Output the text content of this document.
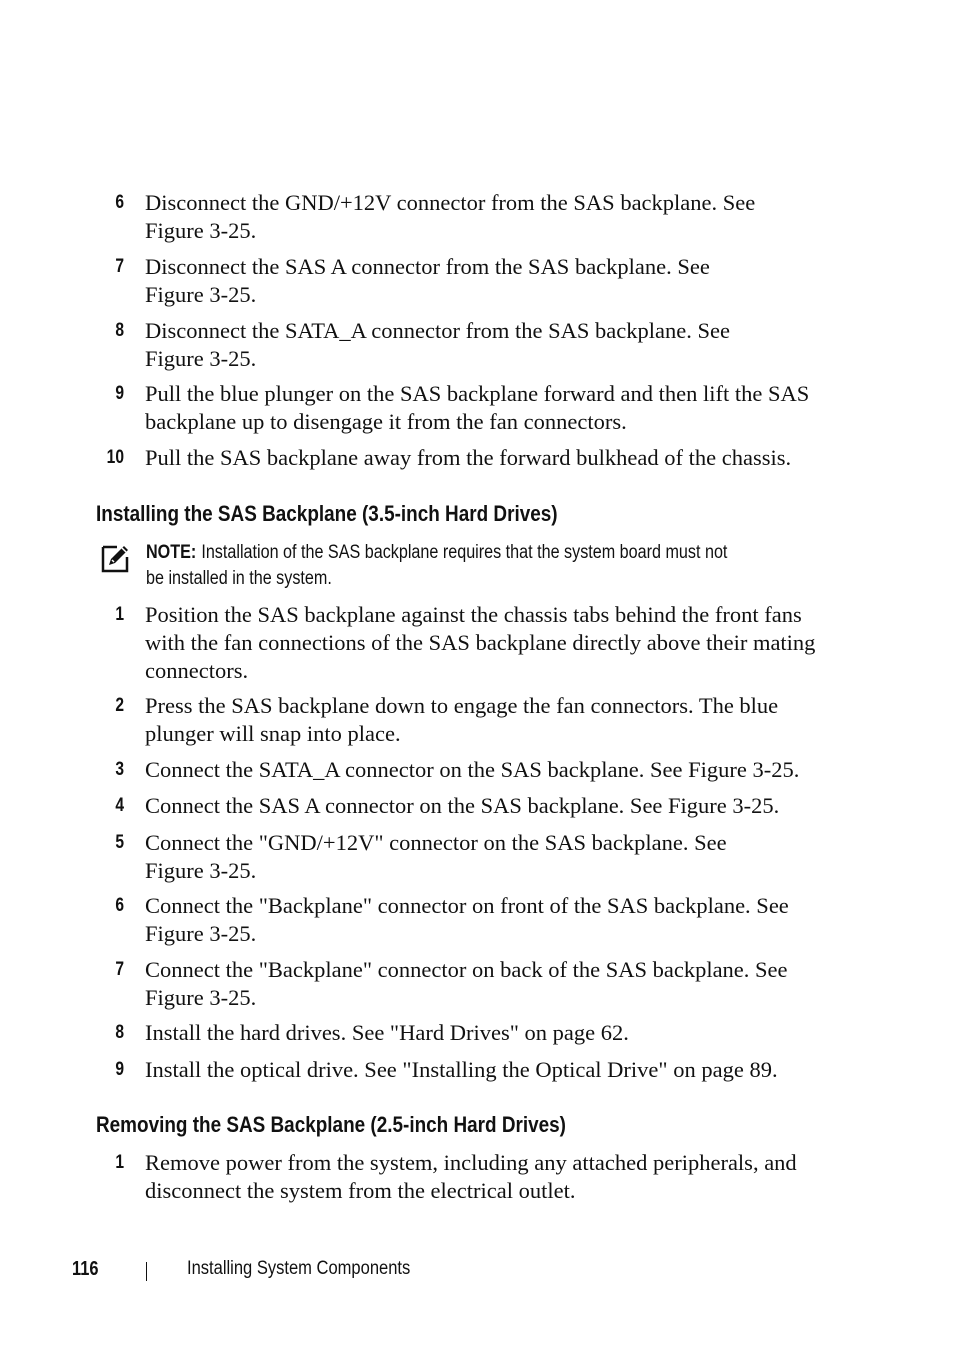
6 Disconnect the GND/+12V connector from the SAS backplane. See
Figure 3-25.
7 Disconnect the SAS A connector from the SAS backplane. See
Figure 3-25.
8 Disconnect the SATA_A connector from the SAS backplane. See
Figure 3-25.
9 Pull the blue plunger on the SAS backplane forward and then lift the SAS
backplane up to disengage it from the fan connectors.
10 Pull the SAS backplane away from the forward bulkhead of the chassis.
Installing the SAS Backplane (3.5-inch Hard Drives)
NOTE: Installation of the SAS backplane requires that the system board must not
be installed in the system.
1 Position the SAS backplane against the chassis tabs behind the front fans
with the fan connections of the SAS backplane directly above their mating
connectors.
2 Press the SAS backplane down to engage the fan connectors. The blue
plunger will snap into place.
3 Connect the SATA_A connector on the SAS backplane. See Figure 3-25.
4 Connect the SAS A connector on the SAS backplane. See Figure 3-25.
5 Connect the "GND/+12V" connector on the SAS backplane. See
Figure 3-25.
6 Connect the "Backplane" connector on front of the SAS backplane. See
Figure 3-25.
7 Connect the "Backplane" connector on back of the SAS backplane. See
Figure 3-25.
8 Install the hard drives. See "Hard Drives" on page 62.
9 Install the optical drive. See "Installing the Optical Drive" on page 89.
Removing the SAS Backplane (2.5-inch Hard Drives)
1 Remove power from the system, including any attached peripherals, and
disconnect the system from the electrical outlet.
116	Installing System Components
